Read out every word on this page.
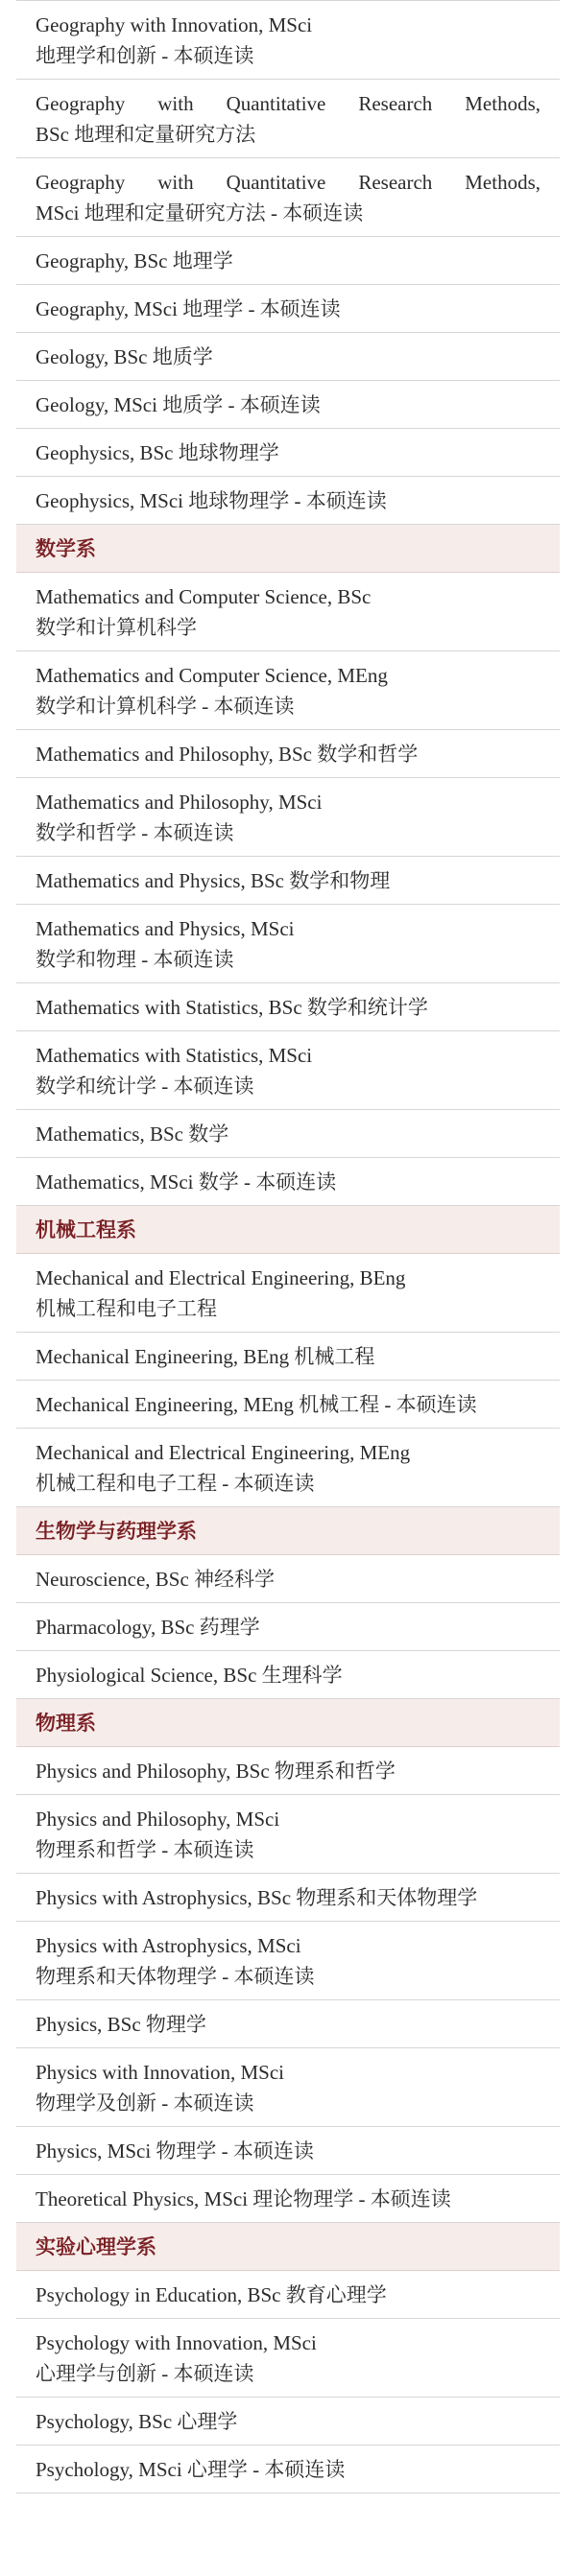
Geography with Innovation, MSci
地理学和创新 - 本硕连读
Geography with Quantitative Research Methods,
BSc 地理和定量研究方法
Geography with Quantitative Research Methods,
MSci 地理和定量研究方法 - 本硕连读
Geography, BSc 地理学
Geography, MSci 地理学 - 本硕连读
Geology, BSc 地质学
Geology, MSci 地质学 - 本硕连读
Geophysics, BSc 地球物理学
Geophysics, MSci 地球物理学 - 本硕连读
数学系
Mathematics and Computer Science, BSc
数学和计算机科学
Mathematics and Computer Science, MEng
数学和计算机科学 - 本硕连读
Mathematics and Philosophy, BSc 数学和哲学
Mathematics and Philosophy, MSci
数学和哲学 - 本硕连读
Mathematics and Physics, BSc 数学和物理
Mathematics and Physics, MSci
数学和物理 - 本硕连读
Mathematics with Statistics, BSc 数学和统计学
Mathematics with Statistics, MSci
数学和统计学 - 本硕连读
Mathematics, BSc 数学
Mathematics, MSci 数学 - 本硕连读
机械工程系
Mechanical and Electrical Engineering, BEng
机械工程和电子工程
Mechanical Engineering, BEng 机械工程
Mechanical Engineering, MEng 机械工程 - 本硕连读
Mechanical and Electrical Engineering, MEng
机械工程和电子工程 - 本硕连读
生物学与药理学系
Neuroscience, BSc 神经科学
Pharmacology, BSc 药理学
Physiological Science, BSc 生理科学
物理系
Physics and Philosophy, BSc 物理系和哲学
Physics and Philosophy, MSci
物理系和哲学 - 本硕连读
Physics with Astrophysics, BSc 物理系和天体物理学
Physics with Astrophysics, MSci
物理系和天体物理学 - 本硕连读
Physics, BSc 物理学
Physics with Innovation, MSci
物理学及创新 - 本硕连读
Physics, MSci 物理学 - 本硕连读
Theoretical Physics, MSci 理论物理学 - 本硕连读
实验心理学系
Psychology in Education, BSc 教育心理学
Psychology with Innovation, MSci
心理学与创新 - 本硕连读
Psychology, BSc 心理学
Psychology, MSci 心理学 - 本硕连读
